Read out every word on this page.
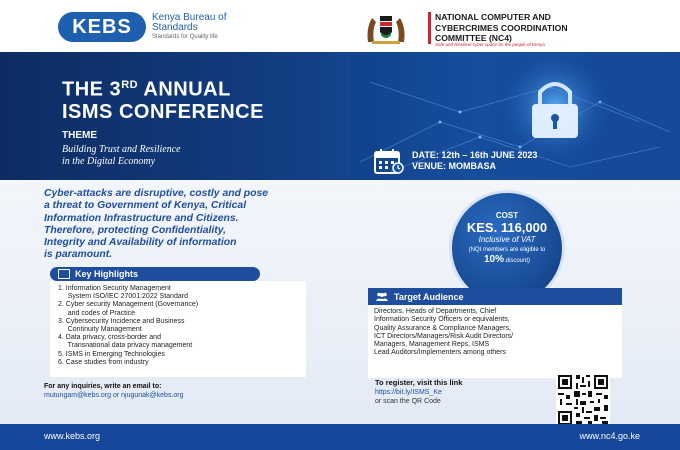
KEBS	Kenya Bureau of
Standards
Standards for Quality life
NATIONAL COMPUTER AND
CYBERCRIMES COORDINATION
COMMITTEE (NC4)
Safe and Resilient cyber space for the people of Kenya
THE 3RD ANNUAL
ISMS CONFERENCE
THEME
Building Trust and Resilience
in the Digital Economy
DATE: 12th – 16th JUNE 2023
VENUE: MOMBASA
Cyber-attacks are disruptive, costly and pose
a threat to Government of Kenya, Critical
Information Infrastructure and Citizens.
Therefore, protecting Confidentiality,
Integrity and Availability of information
is paramount.
COST
KES. 116,000
Inclusive of VAT
(NQI members are eligible to
10% discount)
Key Highlights
1. Information Security Management
System ISO/IEC 27001:2022 Standard
2. Cyber security Management (Governance)
and codes of Practice
3. Cybersecurity Incidence and Business
Continuity Management
4. Data privacy, cross-border and
Transnational data privacy management
5. ISMS in Emerging Technologies
6. Case studies from industry
Target Audience
Directors, Heads of Departments, Chief
Information Security Officers or equivalents,
Quality Assurance & Compliance Managers,
ICT Directors/Managers/Risk Audit Directors/
Managers, Management Reps, ISMS
Lead Auditors/Implementers among others
For any inquiries, write an email to:
mutungam@kebs.org or njugunak@kebs.org
To register, visit this link
https://bit.ly/ISMS_Ke
or scan the QR Code
www.kebs.org	www.nc4.go.ke
